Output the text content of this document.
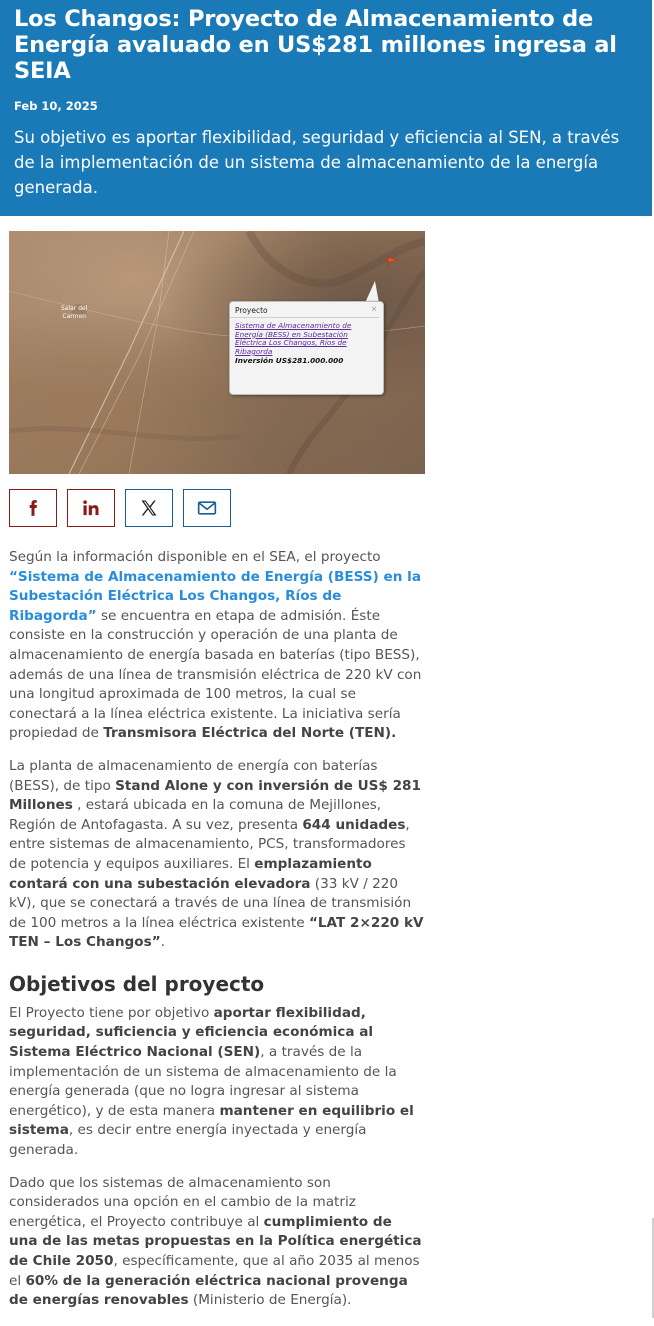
Los Changos: Proyecto de Almacenamiento de Energía avaluado en US$281 millones ingresa al SEIA
Feb 10, 2025
Su objetivo es aportar flexibilidad, seguridad y eficiencia al SEN, a través de la implementación de un sistema de almacenamiento de la energía generada.
Salar del
Carmen
Proyecto	×
Sistema de Almacenamiento de Energía (BESS) en Subestación Eléctrica Los Changos, Ríos de Ribagorda
Inversión US$281.000.000

Según la información disponible en el SEA, el proyecto “Sistema de Almacenamiento de Energía (BESS) en la Subestación Eléctrica Los Changos, Ríos de Ribagorda” se encuentra en etapa de admisión. Éste consiste en la construcción y operación de una planta de almacenamiento de energía basada en baterías (tipo BESS), además de una línea de transmisión eléctrica de 220 kV con una longitud aproximada de 100 metros, la cual se conectará a la línea eléctrica existente. La iniciativa sería propiedad de Transmisora Eléctrica del Norte (TEN).

La planta de almacenamiento de energía con baterías (BESS), de tipo Stand Alone y con inversión de US$ 281 Millones , estará ubicada en la comuna de Mejillones, Región de Antofagasta. A su vez, presenta 644 unidades, entre sistemas de almacenamiento, PCS, transformadores de potencia y equipos auxiliares. El emplazamiento contará con una subestación elevadora (33 kV / 220 kV), que se conectará a través de una línea de transmisión de 100 metros a la línea eléctrica existente “LAT 2×220 kV TEN – Los Changos”.

Objetivos del proyecto

El Proyecto tiene por objetivo aportar flexibilidad, seguridad, suficiencia y eficiencia económica al Sistema Eléctrico Nacional (SEN), a través de la implementación de un sistema de almacenamiento de la energía generada (que no logra ingresar al sistema energético), y de esta manera mantener en equilibrio el sistema, es decir entre energía inyectada y energía generada.

Dado que los sistemas de almacenamiento son considerados una opción en el cambio de la matriz energética, el Proyecto contribuye al cumplimiento de una de las metas propuestas en la Política energética de Chile 2050, específicamente, que al año 2035 al menos el 60% de la generación eléctrica nacional provenga de energías renovables (Ministerio de Energía).
